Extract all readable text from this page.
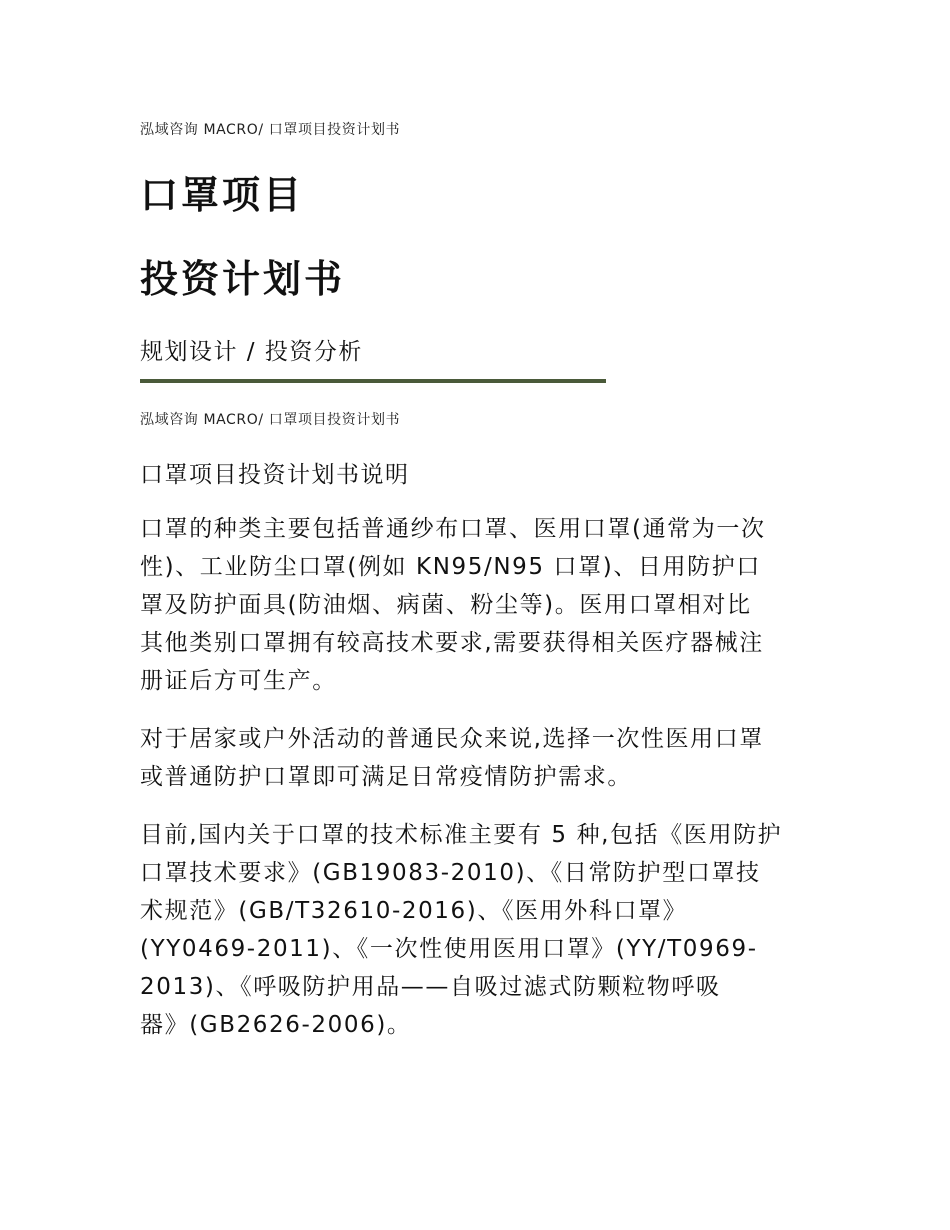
泓域咨询 MACRO/ 口罩项目投资计划书
口罩项目
投资计划书
规划设计 / 投资分析
泓域咨询 MACRO/ 口罩项目投资计划书
口罩项目投资计划书说明
口罩的种类主要包括普通纱布口罩、医用口罩(通常为一次
性)、工业防尘口罩(例如 KN95/N95 口罩)、日用防护口
罩及防护面具(防油烟、病菌、粉尘等)。医用口罩相对比
其他类别口罩拥有较高技术要求,需要获得相关医疗器械注
册证后方可生产。
对于居家或户外活动的普通民众来说,选择一次性医用口罩
或普通防护口罩即可满足日常疫情防护需求。
目前,国内关于口罩的技术标准主要有 5 种,包括《医用防护
口罩技术要求》(GB19083-2010)、《日常防护型口罩技
术规范》(GB/T32610-2016)、《医用外科口罩》
(YY0469-2011)、《一次性使用医用口罩》(YY/T0969-
2013)、《呼吸防护用品——自吸过滤式防颗粒物呼吸
器》(GB2626-2006)。
